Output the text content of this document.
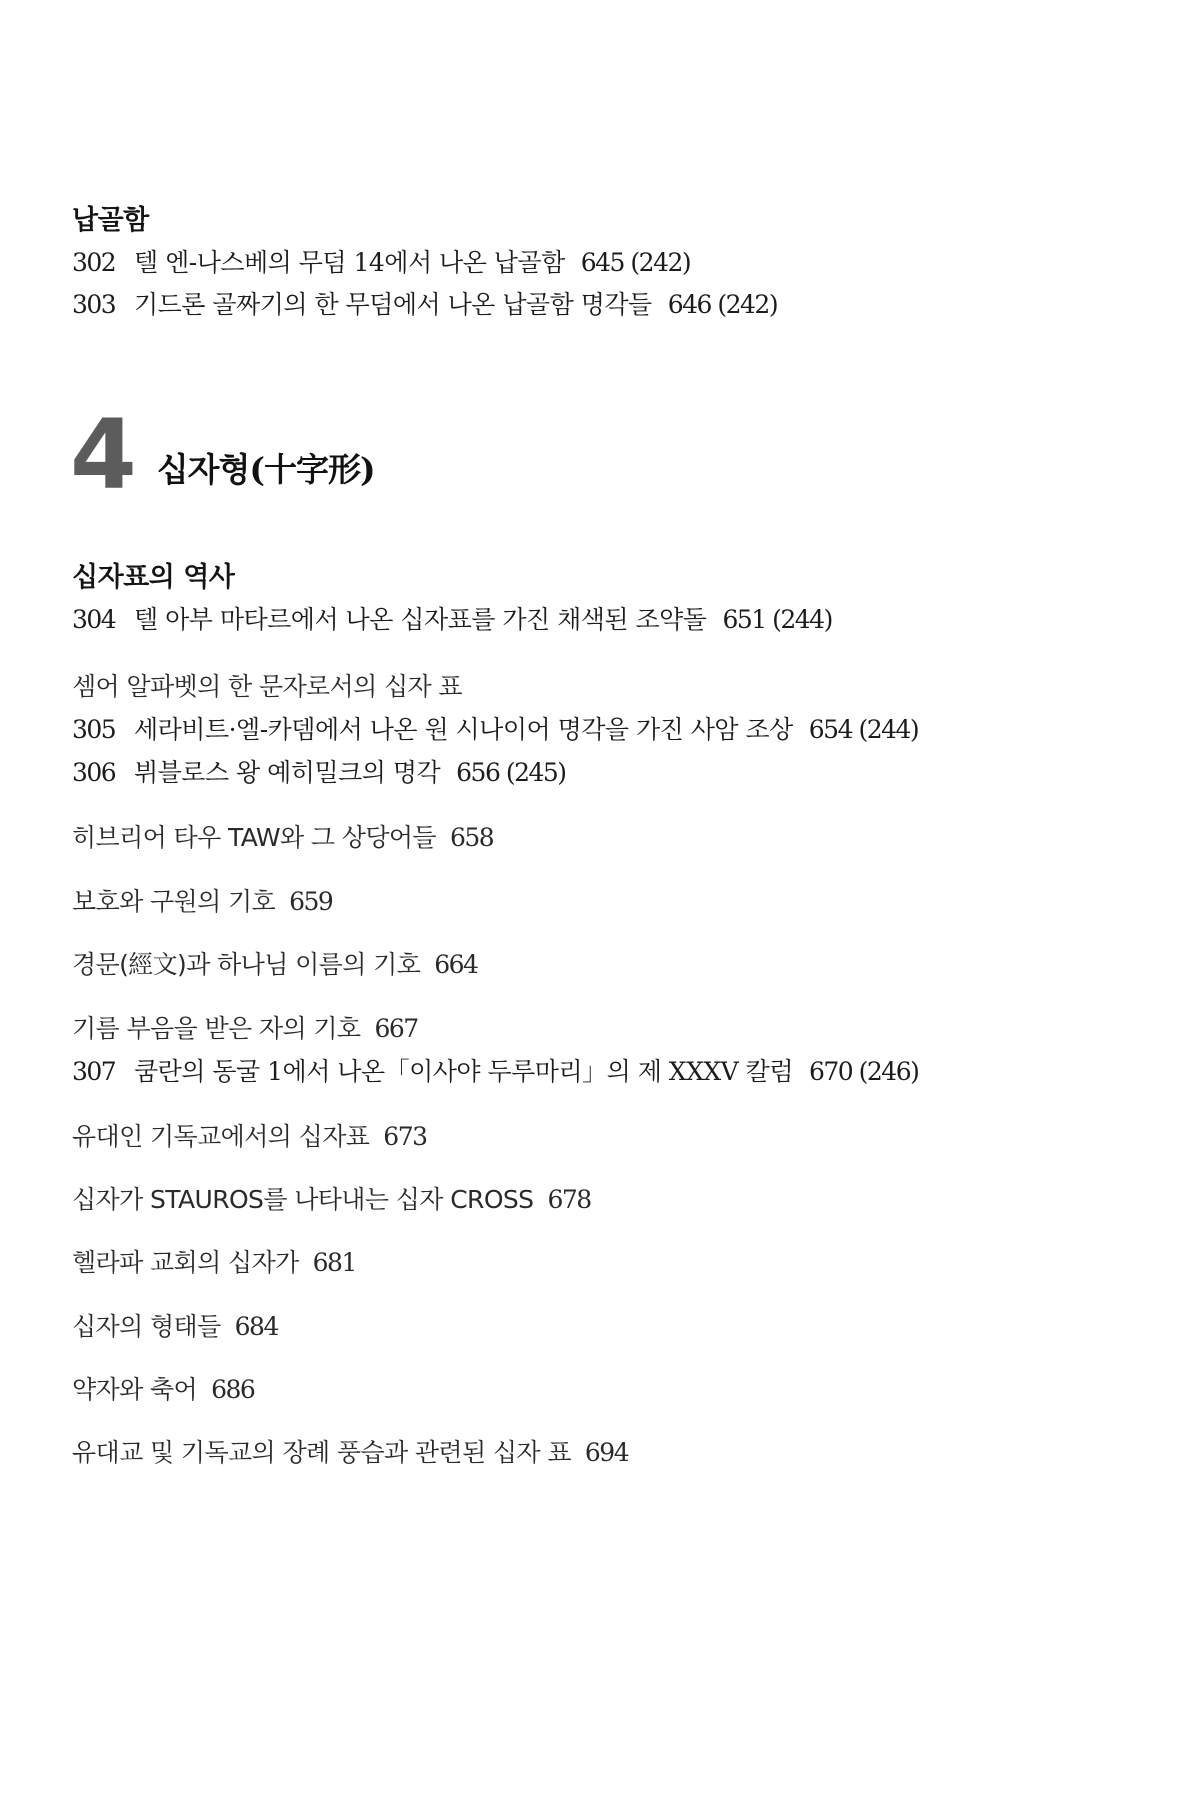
납골함
302 텔 엔-나스베의 무덤 14에서 나온 납골함 645 (242)
303 기드론 골짜기의 한 무덤에서 나온 납골함 명각들 646 (242)
4 십자형(十字形)
십자표의 역사
304 텔 아부 마타르에서 나온 십자표를 가진 채색된 조약돌 651 (244)
셈어 알파벳의 한 문자로서의 십자 표
305 세라비트·엘-카뎀에서 나온 원 시나이어 명각을 가진 사암 조상 654 (244)
306 뷔블로스 왕 예히밀크의 명각 656 (245)
히브리어 타우 TAW와 그 상당어들 658
보호와 구원의 기호 659
경문(經文)과 하나님 이름의 기호 664
기름 부음을 받은 자의 기호 667
307 쿰란의 동굴 1에서 나온「이사야 두루마리」의 제 XXXV 칼럼 670 (246)
유대인 기독교에서의 십자표 673
십자가 STAUROS를 나타내는 십자 CROSS 678
헬라파 교회의 십자가 681
십자의 형태들 684
약자와 축어 686
유대교 및 기독교의 장례 풍습과 관련된 십자 표 694
